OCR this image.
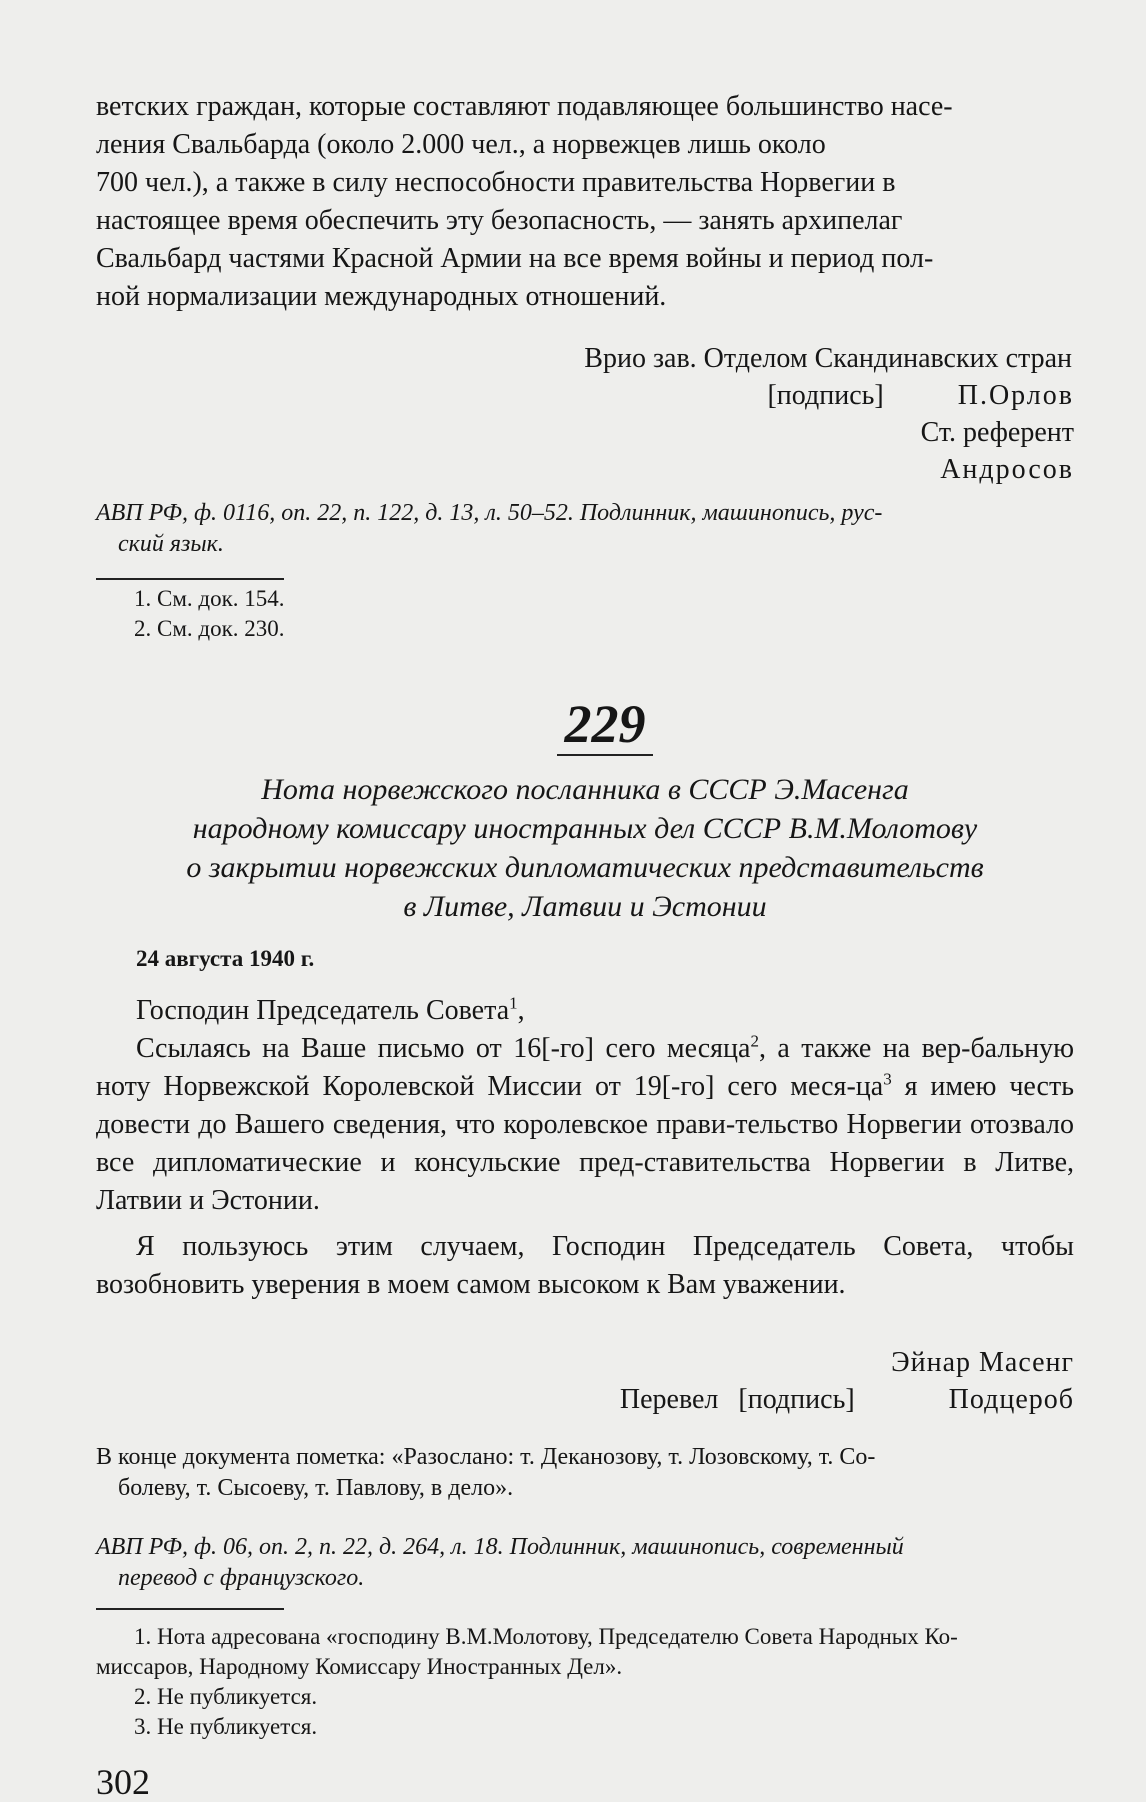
ветских граждан, которые составляют подавляющее большинство насе-

ления Свальбарда (около 2.000 чел., а норвежцев лишь около

700 чел.), а также в силу неспособности правительства Норвегии в

настоящее время обеспечить эту безопасность, — занять архипелаг

Свальбард частями Красной Армии на все время войны и период пол-

ной нормализации международных отношений.

Врио зав. Отделом Скандинавских стран

[подпись]	П.Орлов

Ст. референт

Андросов

АВП РФ, ф. 0116, оп. 22, п. 122, д. 13, л. 50–52. Подлинник, машинопись, рус-
ский язык.

1. См. док. 154.

2. См. док. 230.

229

Нота норвежского посланника в СССР Э.Масенга

народному комиссару иностранных дел СССР В.М.Молотову

о закрытии норвежских дипломатических представительств

в Литве, Латвии и Эстонии

24 августа 1940 г.

Господин Председатель Совета$^1$,

Ссылаясь на Ваше письмо от 16[-го] сего месяца$^2$, а также на вер-бальную ноту Норвежской Королевской Миссии от 19[-го] сего меся-$ца^3$ я имею честь довести до Вашего сведения, что королевское прави-тельство Норвегии отозвало все дипломатические и консульские пред-ставительства Норвегии в Литве, Латвии и Эстонии.

Я пользуюсь этим случаем, Господин Председатель Совета, чтобы возобновить уверения в моем самом высоком к Вам уважении.

Эйнар Масенг

Перевел [подпись]	Подцероб
В конце документа пометка: «Разослано: т. Деканозову, т. Лозовскому, т. Со-
болеву, т. Сысоеву, т. Павлову, в дело».
АВП РФ, ф. 06, оп. 2, п. 22, д. 264, л. 18. Подлинник, машинопись, современный
перевод с французского.

1. Нота адресована «господину В.М.Молотову, Председателю Совета Народных Ко-

миссаров, Народному Комиссару Иностранных Дел».

2. Не публикуется.

3. Не публикуется.

302
